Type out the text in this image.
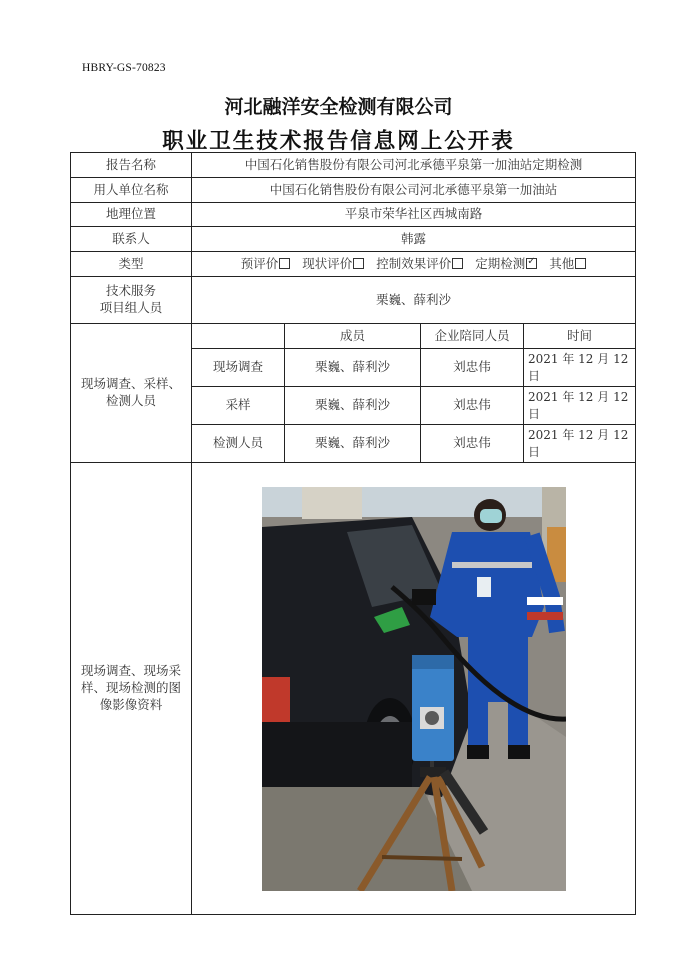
HBRY-GS-70823
河北融洋安全检测有限公司
职业卫生技术报告信息网上公开表
报告名称	中国石化销售股份有限公司河北承德平泉第一加油站定期检测			
用人单位名称	中国石化销售股份有限公司河北承德平泉第一加油站			
地理位置	平泉市荣华社区西城南路			
联系人	韩露			
类型	预评价 现状评价 控制效果评价 定期检测 ✓ 其他

技术服务
项目组人员	栗巍、薛利沙			
现场调查、采样、检测人员		成员	企业陪同人员	时间
	现场调查	栗巍、薛利沙	刘忠伟	2021 年 12 月 12
日

	采样	栗巍、薛利沙	刘忠伟	2021 年 12 月 12
日

	检测人员	栗巍、薛利沙	刘忠伟	2021 年 12 月 12
日

现场调查、现场采样、现场检测的图像影像资料	
